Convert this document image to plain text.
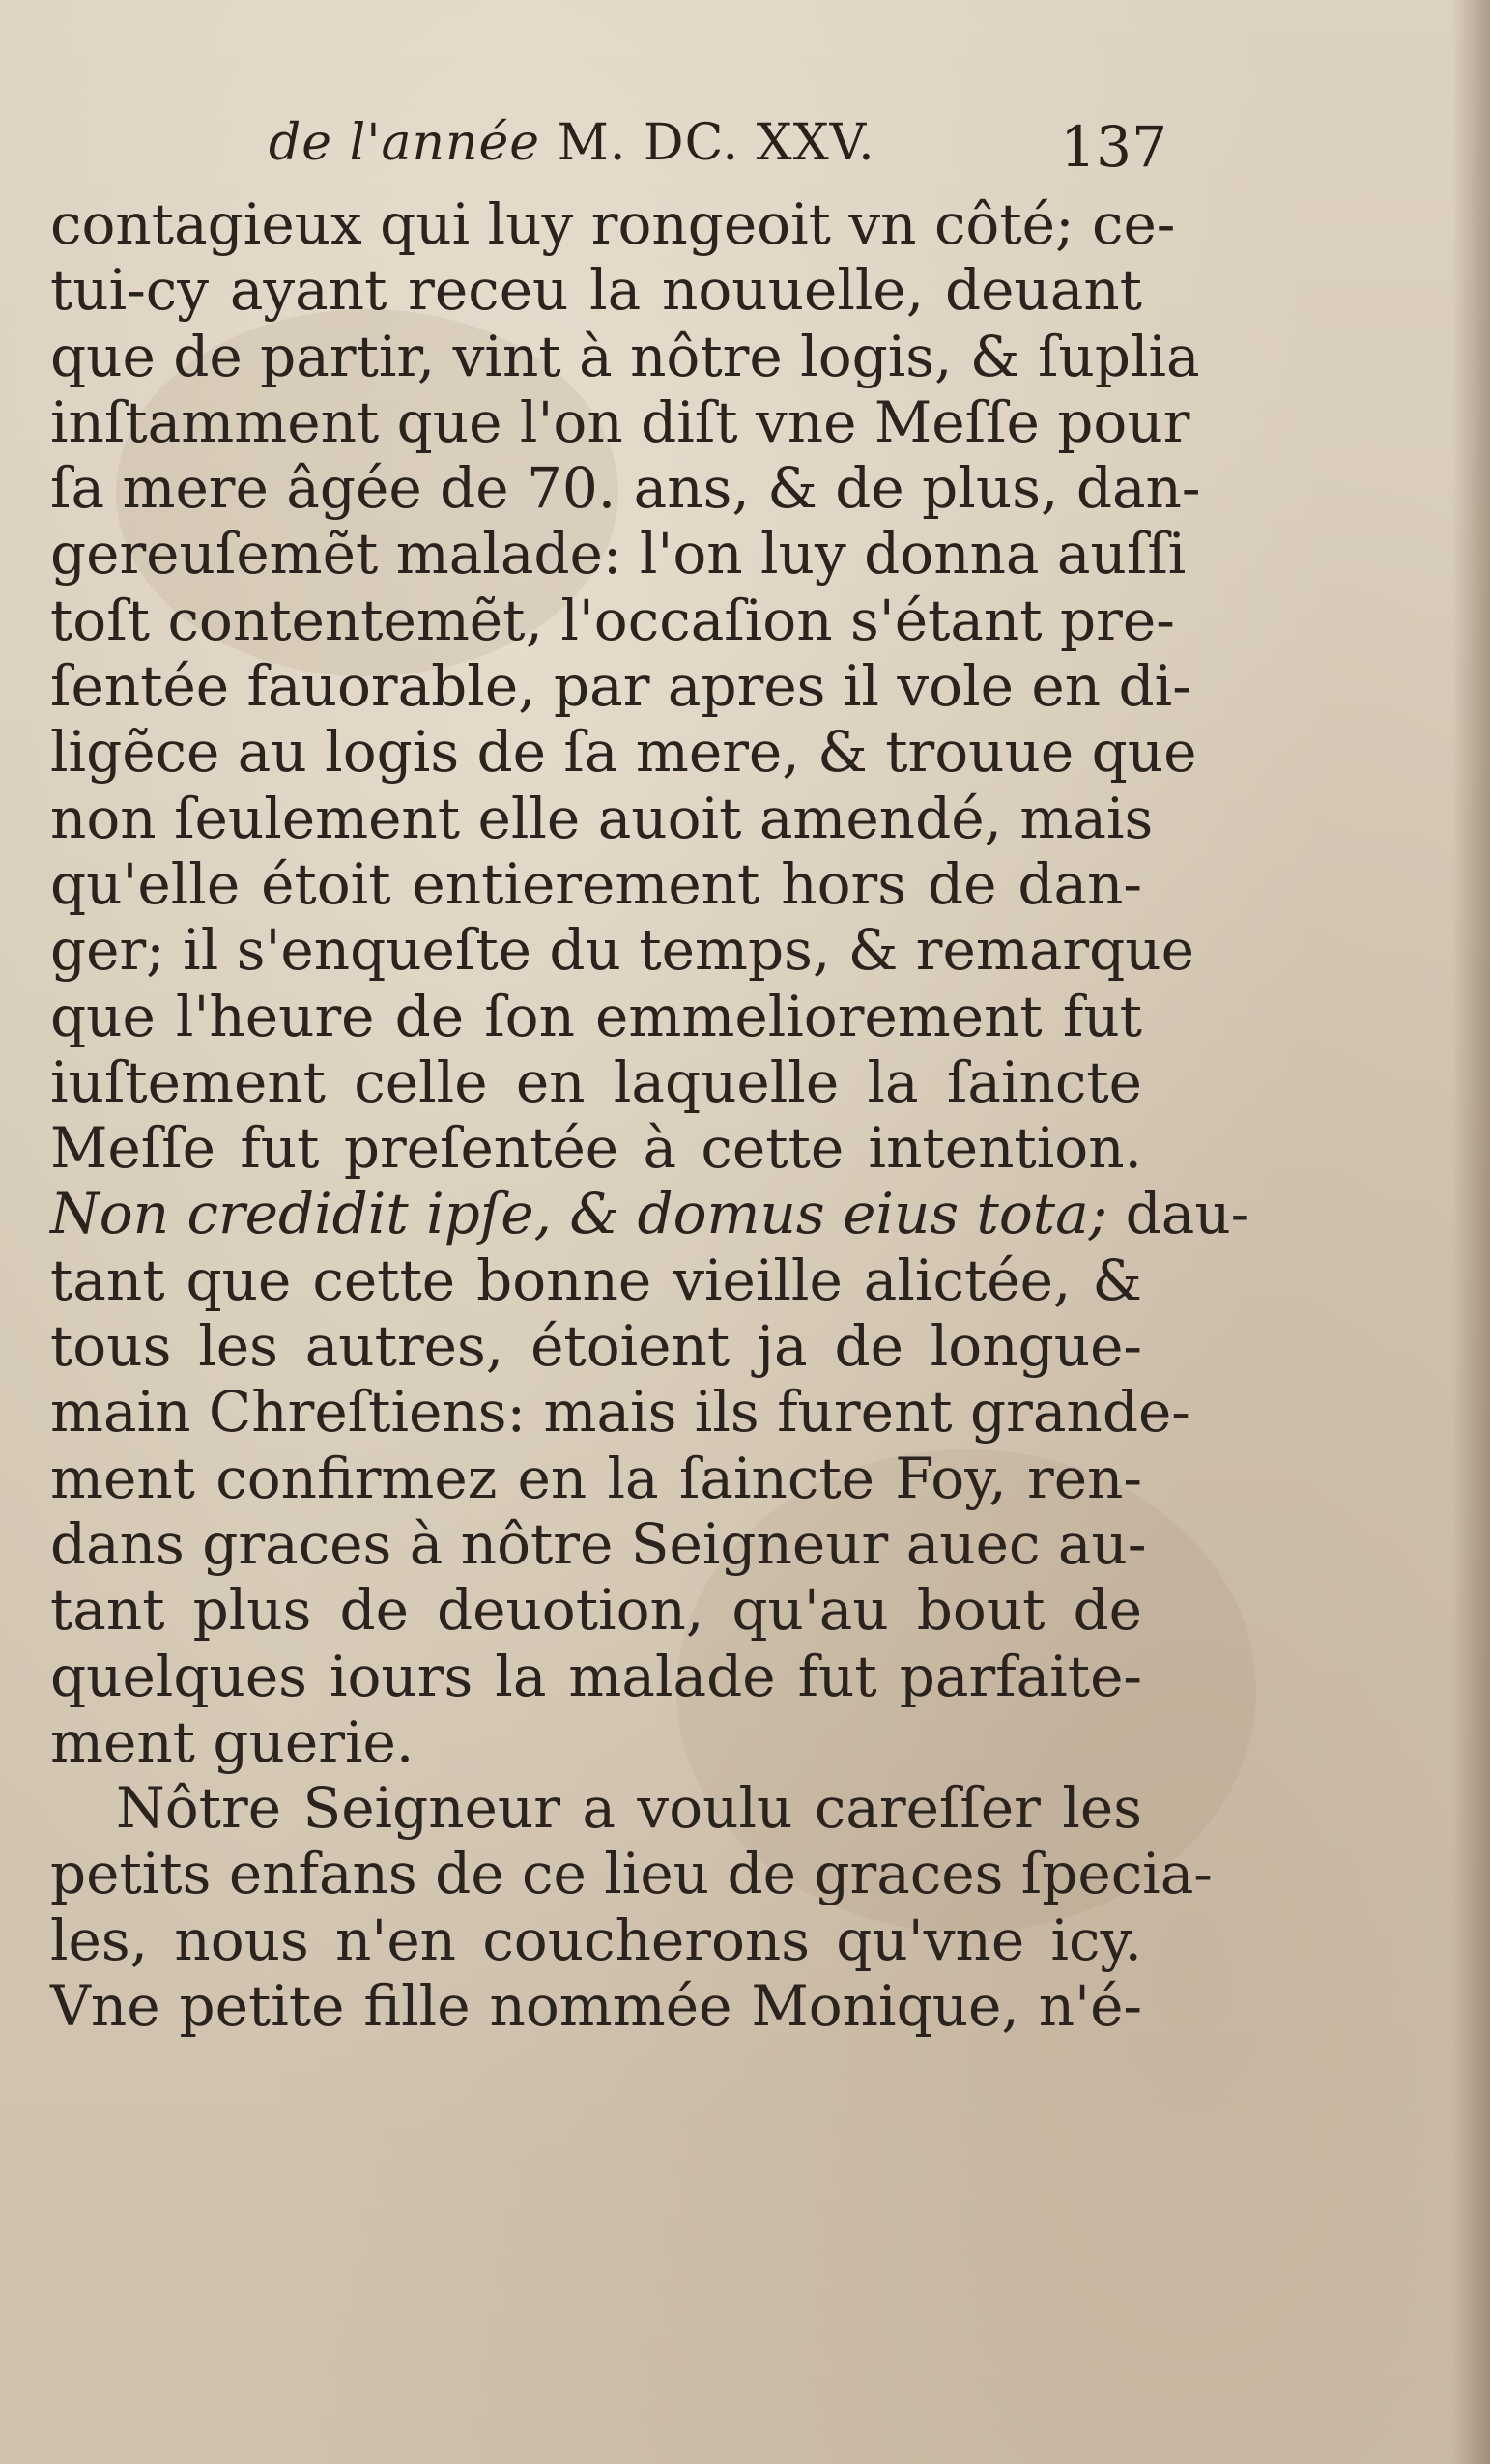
de l'année M. DC. XXV.	137
contagieux qui luy rongeoit vn côté; ce-
tui-cy ayant receu la nouuelle, deuant
que de partir, vint à nôtre logis, & ſuplia
inſtamment que l'on diſt vne Meſſe pour
ſa mere âgée de 70. ans, & de plus, dan-
gereuſemẽt malade: l'on luy donna auſſi
toſt contentemẽt, l'occaſion s'étant pre-
ſentée fauorable, par apres il vole en di-
ligẽce au logis de ſa mere, & trouue que
non ſeulement elle auoit amendé, mais
qu'elle étoit entierement hors de dan-
ger; il s'enqueſte du temps, & remarque
que l'heure de ſon emmeliorement fut
iuſtement celle en laquelle la ſaincte
Meſſe fut preſentée à cette intention.
Non credidit ipſe, & domus eius tota; dau-
tant que cette bonne vieille alictée, &
tous les autres, étoient ja de longue-
main Chreſtiens: mais ils furent grande-
ment confirmez en la ſaincte Foy, ren-
dans graces à nôtre Seigneur auec au-
tant plus de deuotion, qu'au bout de
quelques iours la malade fut parfaite-
ment guerie.
Nôtre Seigneur a voulu careſſer les
petits enfans de ce lieu de graces ſpecia-
les, nous n'en coucherons qu'vne icy.
Vne petite fille nommée Monique, n'é-
